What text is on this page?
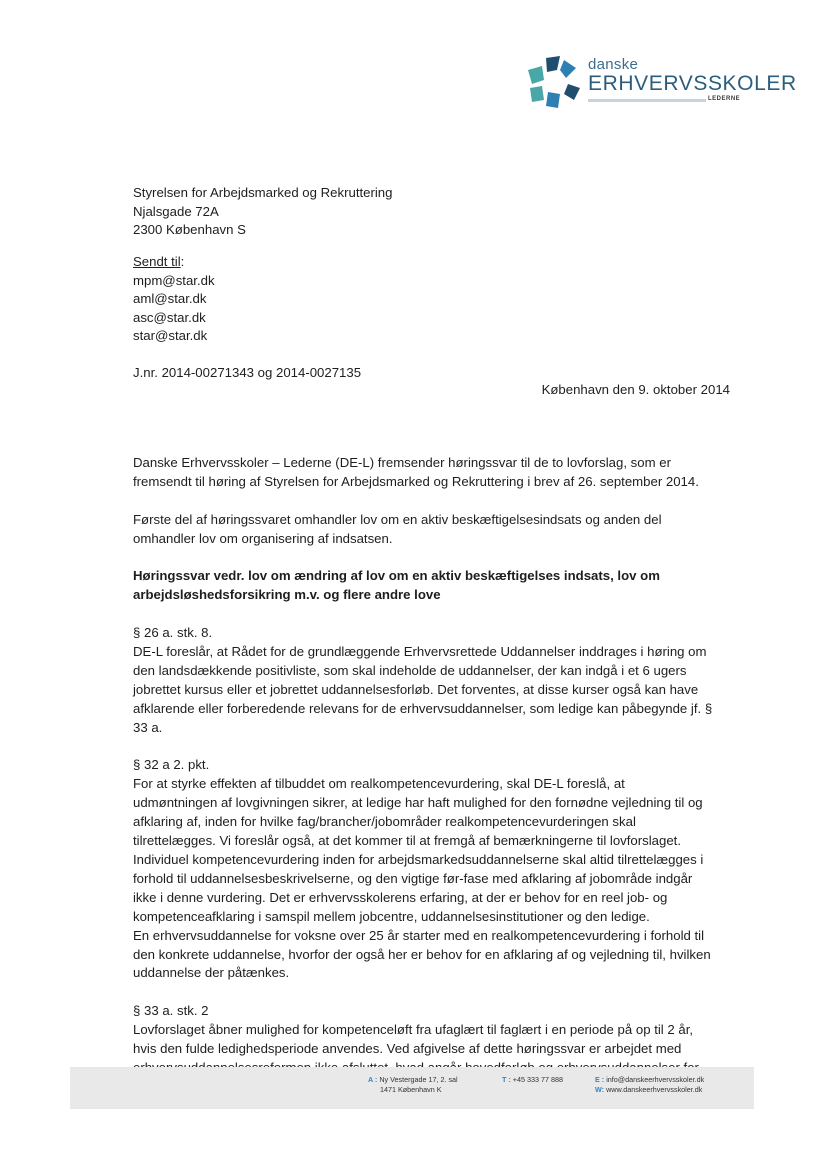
danske
ERHVERVSSKOLER
LEDERNE
Styrelsen for Arbejdsmarked og Rekruttering
Njalsgade 72A
2300 København S
Sendt til:
mpm@star.dk
aml@star.dk
asc@star.dk
star@star.dk
J.nr. 2014-00271343 og 2014-0027135
København den 9. oktober 2014
Danske Erhvervsskoler – Lederne (DE-L) fremsender høringssvar til de to lovforslag, som er
fremsendt til høring af Styrelsen for Arbejdsmarked og Rekruttering i brev af 26. september 2014.
Første del af høringssvaret omhandler lov om en aktiv beskæftigelsesindsats og anden del
omhandler lov om organisering af indsatsen.
Høringssvar vedr. lov om ændring af lov om en aktiv beskæftigelses indsats, lov om
arbejdsløshedsforsikring m.v. og flere andre love
§ 26 a. stk. 8.
DE-L foreslår, at Rådet for de grundlæggende Erhvervsrettede Uddannelser inddrages i høring om
den landsdækkende positivliste, som skal indeholde de uddannelser, der kan indgå i et 6 ugers
jobrettet kursus eller et jobrettet uddannelsesforløb. Det forventes, at disse kurser også kan have
afklarende eller forberedende relevans for de erhvervsuddannelser, som ledige kan påbegynde jf. §
33 a.
§ 32 a 2. pkt.
For at styrke effekten af tilbuddet om realkompetencevurdering, skal DE-L foreslå, at
udmøntningen af lovgivningen sikrer, at ledige har haft mulighed for den fornødne vejledning til og
afklaring af, inden for hvilke fag/brancher/jobområder realkompetencevurderingen skal
tilrettelægges. Vi foreslår også, at det kommer til at fremgå af bemærkningerne til lovforslaget.
Individuel kompetencevurdering inden for arbejdsmarkedsuddannelserne skal altid tilrettelægges i
forhold til uddannelsesbeskrivelserne, og den vigtige før-fase med afklaring af jobområde indgår
ikke i denne vurdering. Det er erhvervsskolerens erfaring, at der er behov for en reel job- og
kompetenceafklaring i samspil mellem jobcentre, uddannelsesinstitutioner og den ledige.
En erhvervsuddannelse for voksne over 25 år starter med en realkompetencevurdering i forhold til
den konkrete uddannelse, hvorfor der også her er behov for en afklaring af og vejledning til, hvilken
uddannelse der påtænkes.
§ 33 a. stk. 2
Lovforslaget åbner mulighed for kompetenceløft fra ufaglært til faglært i en periode på op til 2 år,
hvis den fulde ledighedsperiode anvendes. Ved afgivelse af dette høringssvar er arbejdet med
A : Ny Vestergade 17, 2. sal
1471 København K
T : +45 333 77 888	E : info@danskeerhvervsskoler.dk
W: www.danskeerhvervsskoler.dk
